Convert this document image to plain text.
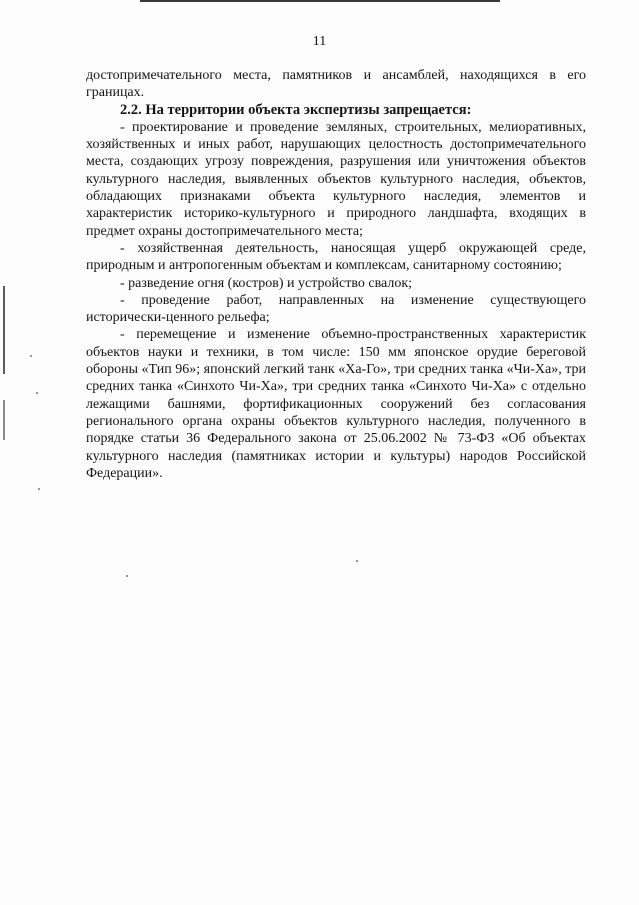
11

достопримечательного места, памятников и ансамблей, находящихся в его границах.

2.2. На территории объекта экспертизы запрещается:

- проектирование и проведение земляных, строительных, мелиоративных, хозяйственных и иных работ, нарушающих целостность достопримечательного места, создающих угрозу повреждения, разрушения или уничтожения объектов культурного наследия, выявленных объектов культурного наследия, объектов, обладающих признаками объекта культурного наследия, элементов и характеристик историко-культурного и природного ландшафта, входящих в предмет охраны достопримечательного места;

- хозяйственная деятельность, наносящая ущерб окружающей среде, природным и антропогенным объектам и комплексам, санитарному состоянию;

- разведение огня (костров) и устройство свалок;

- проведение работ, направленных на изменение существующего исторически-ценного рельефа;

- перемещение и изменение объемно-пространственных характеристик объектов науки и техники, в том числе: 150 мм японское орудие береговой обороны «Тип 96»; японский легкий танк «Ха-Го», три средних танка «Чи-Ха», три средних танка «Синхото Чи-Ха», три средних танка «Синхото Чи-Ха» с отдельно лежащими башнями, фортификационных сооружений без согласования регионального органа охраны объектов культурного наследия, полученного в порядке статьи 36 Федерального закона от 25.06.2002 № 73-ФЗ «Об объектах культурного наследия (памятниках истории и культуры) народов Российской Федерации».
